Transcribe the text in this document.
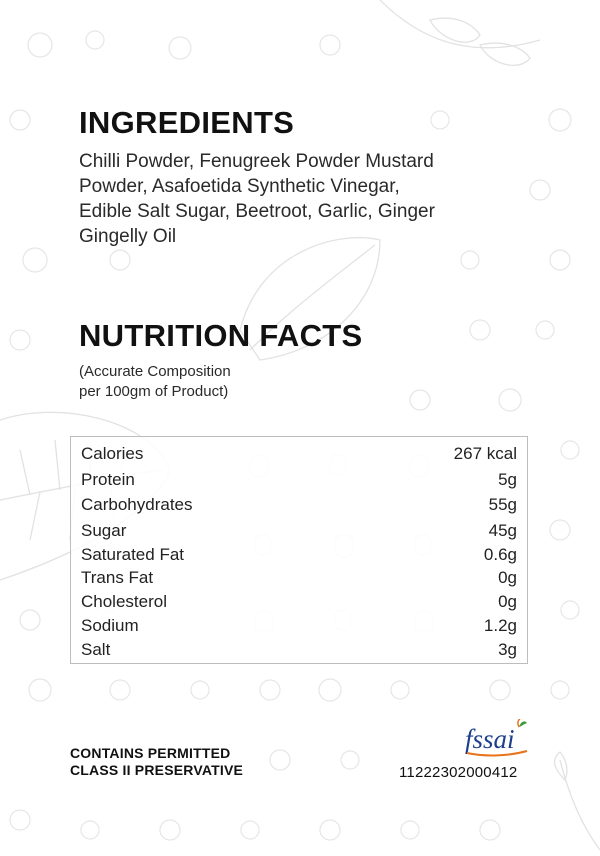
INGREDIENTS

Chilli Powder, Fenugreek Powder Mustard
Powder, Asafoetida Synthetic Vinegar,
Edible Salt Sugar, Beetroot, Garlic, Ginger
Gingelly Oil

NUTRITION FACTS

(Accurate Composition
per 100gm of Product)

Calories	267 kcal
Protein	5g
Carbohydrates	55g
Sugar	45g
Saturated Fat	0.6g
Trans Fat	0g
Cholesterol	0g
Sodium	1.2g
Salt	3g

CONTAINS PERMITTED
CLASS II PRESERVATIVE

fssai

11222302000412
